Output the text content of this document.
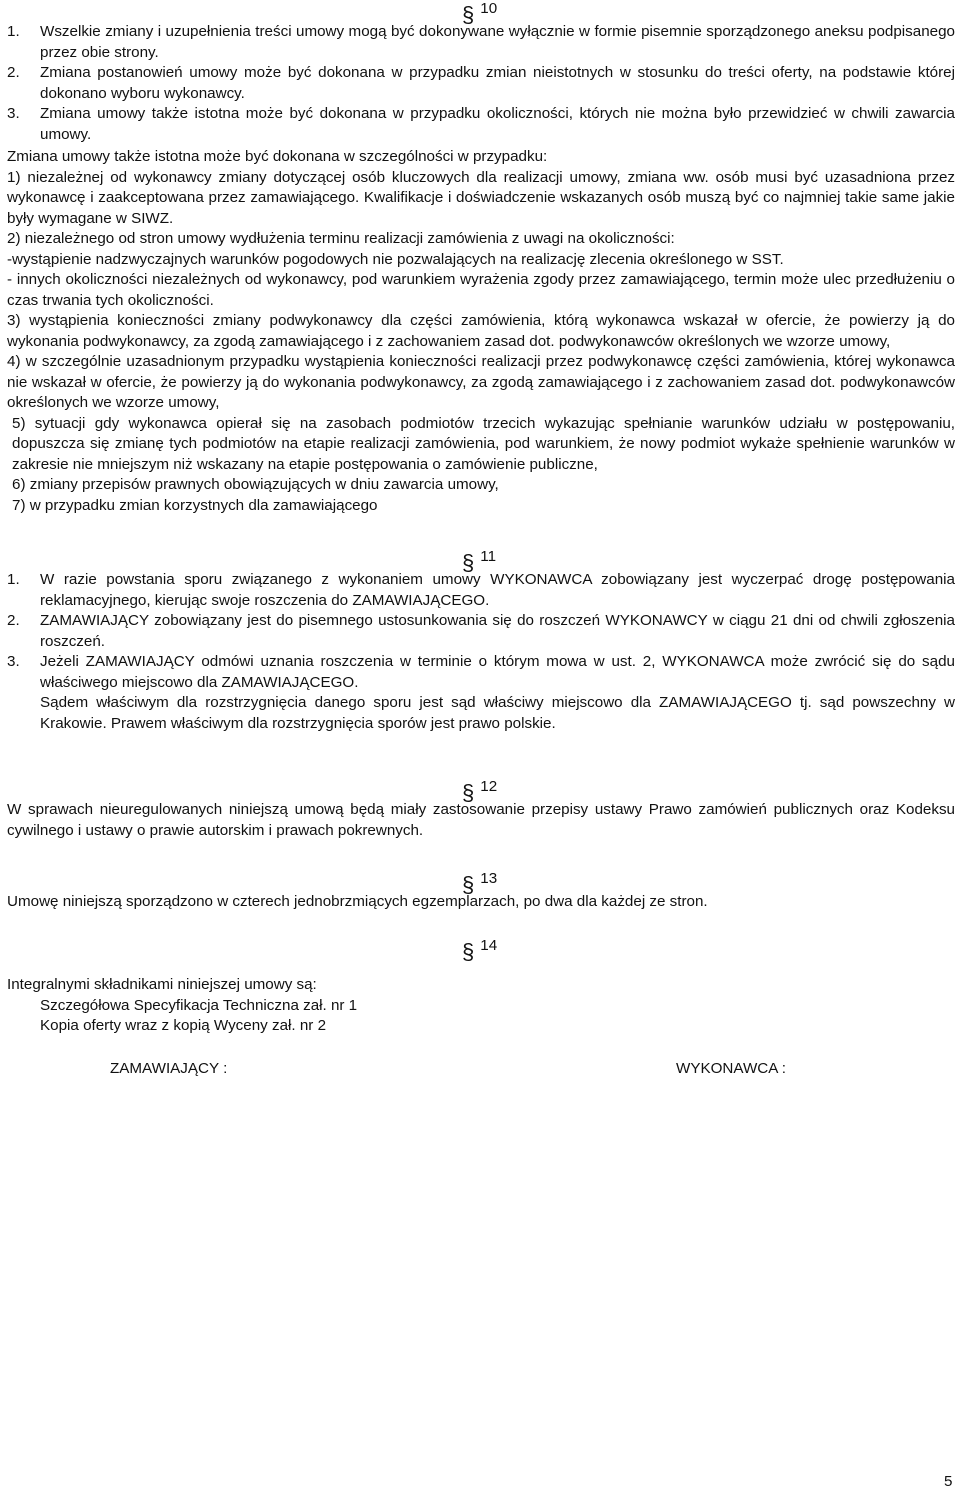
§ 10
1.	Wszelkie zmiany i uzupełnienia treści umowy mogą być dokonywane wyłącznie w formie pisemnie sporządzonego aneksu podpisanego przez obie strony.
2.	Zmiana postanowień umowy może być dokonana w przypadku zmian nieistotnych w stosunku do treści oferty, na podstawie której dokonano wyboru wykonawcy.
3.	Zmiana umowy także istotna może być dokonana w przypadku okoliczności, których nie można było przewidzieć w chwili zawarcia umowy.

Zmiana umowy także istotna może być dokonana w szczególności w przypadku:

1) niezależnej od wykonawcy zmiany dotyczącej osób kluczowych dla realizacji umowy, zmiana ww. osób musi być uzasadniona przez wykonawcę i zaakceptowana przez zamawiającego. Kwalifikacje i doświadczenie wskazanych osób muszą być co najmniej takie same jakie były wymagane w SIWZ.

2) niezależnego od stron umowy wydłużenia terminu realizacji zamówienia z uwagi na okoliczności:

-wystąpienie nadzwyczajnych warunków pogodowych nie pozwalających na realizację zlecenia określonego w SST.

- innych okoliczności niezależnych od wykonawcy, pod warunkiem wyrażenia zgody przez zamawiającego, termin może ulec przedłużeniu o czas trwania tych okoliczności.

3) wystąpienia konieczności zmiany podwykonawcy dla części zamówienia, którą wykonawca wskazał w ofercie, że powierzy ją do wykonania podwykonawcy, za zgodą zamawiającego i z zachowaniem zasad dot. podwykonawców określonych we wzorze umowy,

4) w szczególnie uzasadnionym przypadku wystąpienia konieczności realizacji przez podwykonawcę części zamówienia, której wykonawca nie wskazał w ofercie, że powierzy ją do wykonania podwykonawcy, za zgodą zamawiającego i z zachowaniem zasad dot. podwykonawców określonych we wzorze umowy,

5) sytuacji gdy wykonawca opierał się na zasobach podmiotów trzecich wykazując spełnianie warunków udziału w postępowaniu, dopuszcza się zmianę tych podmiotów na etapie realizacji zamówienia, pod warunkiem, że nowy podmiot wykaże spełnienie warunków w zakresie nie mniejszym niż wskazany na etapie postępowania o zamówienie publiczne,

6) zmiany przepisów prawnych obowiązujących w dniu zawarcia umowy,

7) w przypadku zmian korzystnych dla zamawiającego

§ 11
1.	W razie powstania sporu związanego z wykonaniem umowy WYKONAWCA zobowiązany jest wyczerpać drogę postępowania reklamacyjnego, kierując swoje roszczenia do ZAMAWIAJĄCEGO.
2.	ZAMAWIAJĄCY zobowiązany jest do pisemnego ustosunkowania się do roszczeń WYKONAWCY w ciągu 21 dni od chwili zgłoszenia roszczeń.
3.	Jeżeli ZAMAWIAJĄCY odmówi uznania roszczenia w terminie o którym mowa w ust. 2, WYKONAWCA może zwrócić się do sądu właściwego miejscowo dla ZAMAWIAJĄCEGO.

Sądem właściwym dla rozstrzygnięcia danego sporu jest sąd właściwy miejscowo dla ZAMAWIAJĄCEGO tj. sąd powszechny w Krakowie. Prawem właściwym dla rozstrzygnięcia sporów jest prawo polskie.

§ 12

W sprawach nieuregulowanych niniejszą umową będą miały zastosowanie przepisy ustawy Prawo zamówień publicznych oraz Kodeksu cywilnego i ustawy o prawie autorskim i prawach pokrewnych.

§ 13

Umowę niniejszą sporządzono w czterech jednobrzmiących egzemplarzach, po dwa dla każdej ze stron.

§ 14

Integralnymi składnikami niniejszej umowy są:

Szczegółowa Specyfikacja Techniczna zał. nr 1

Kopia oferty wraz z kopią Wyceny zał. nr 2

ZAMAWIAJĄCY :	WYKONAWCA :
5
